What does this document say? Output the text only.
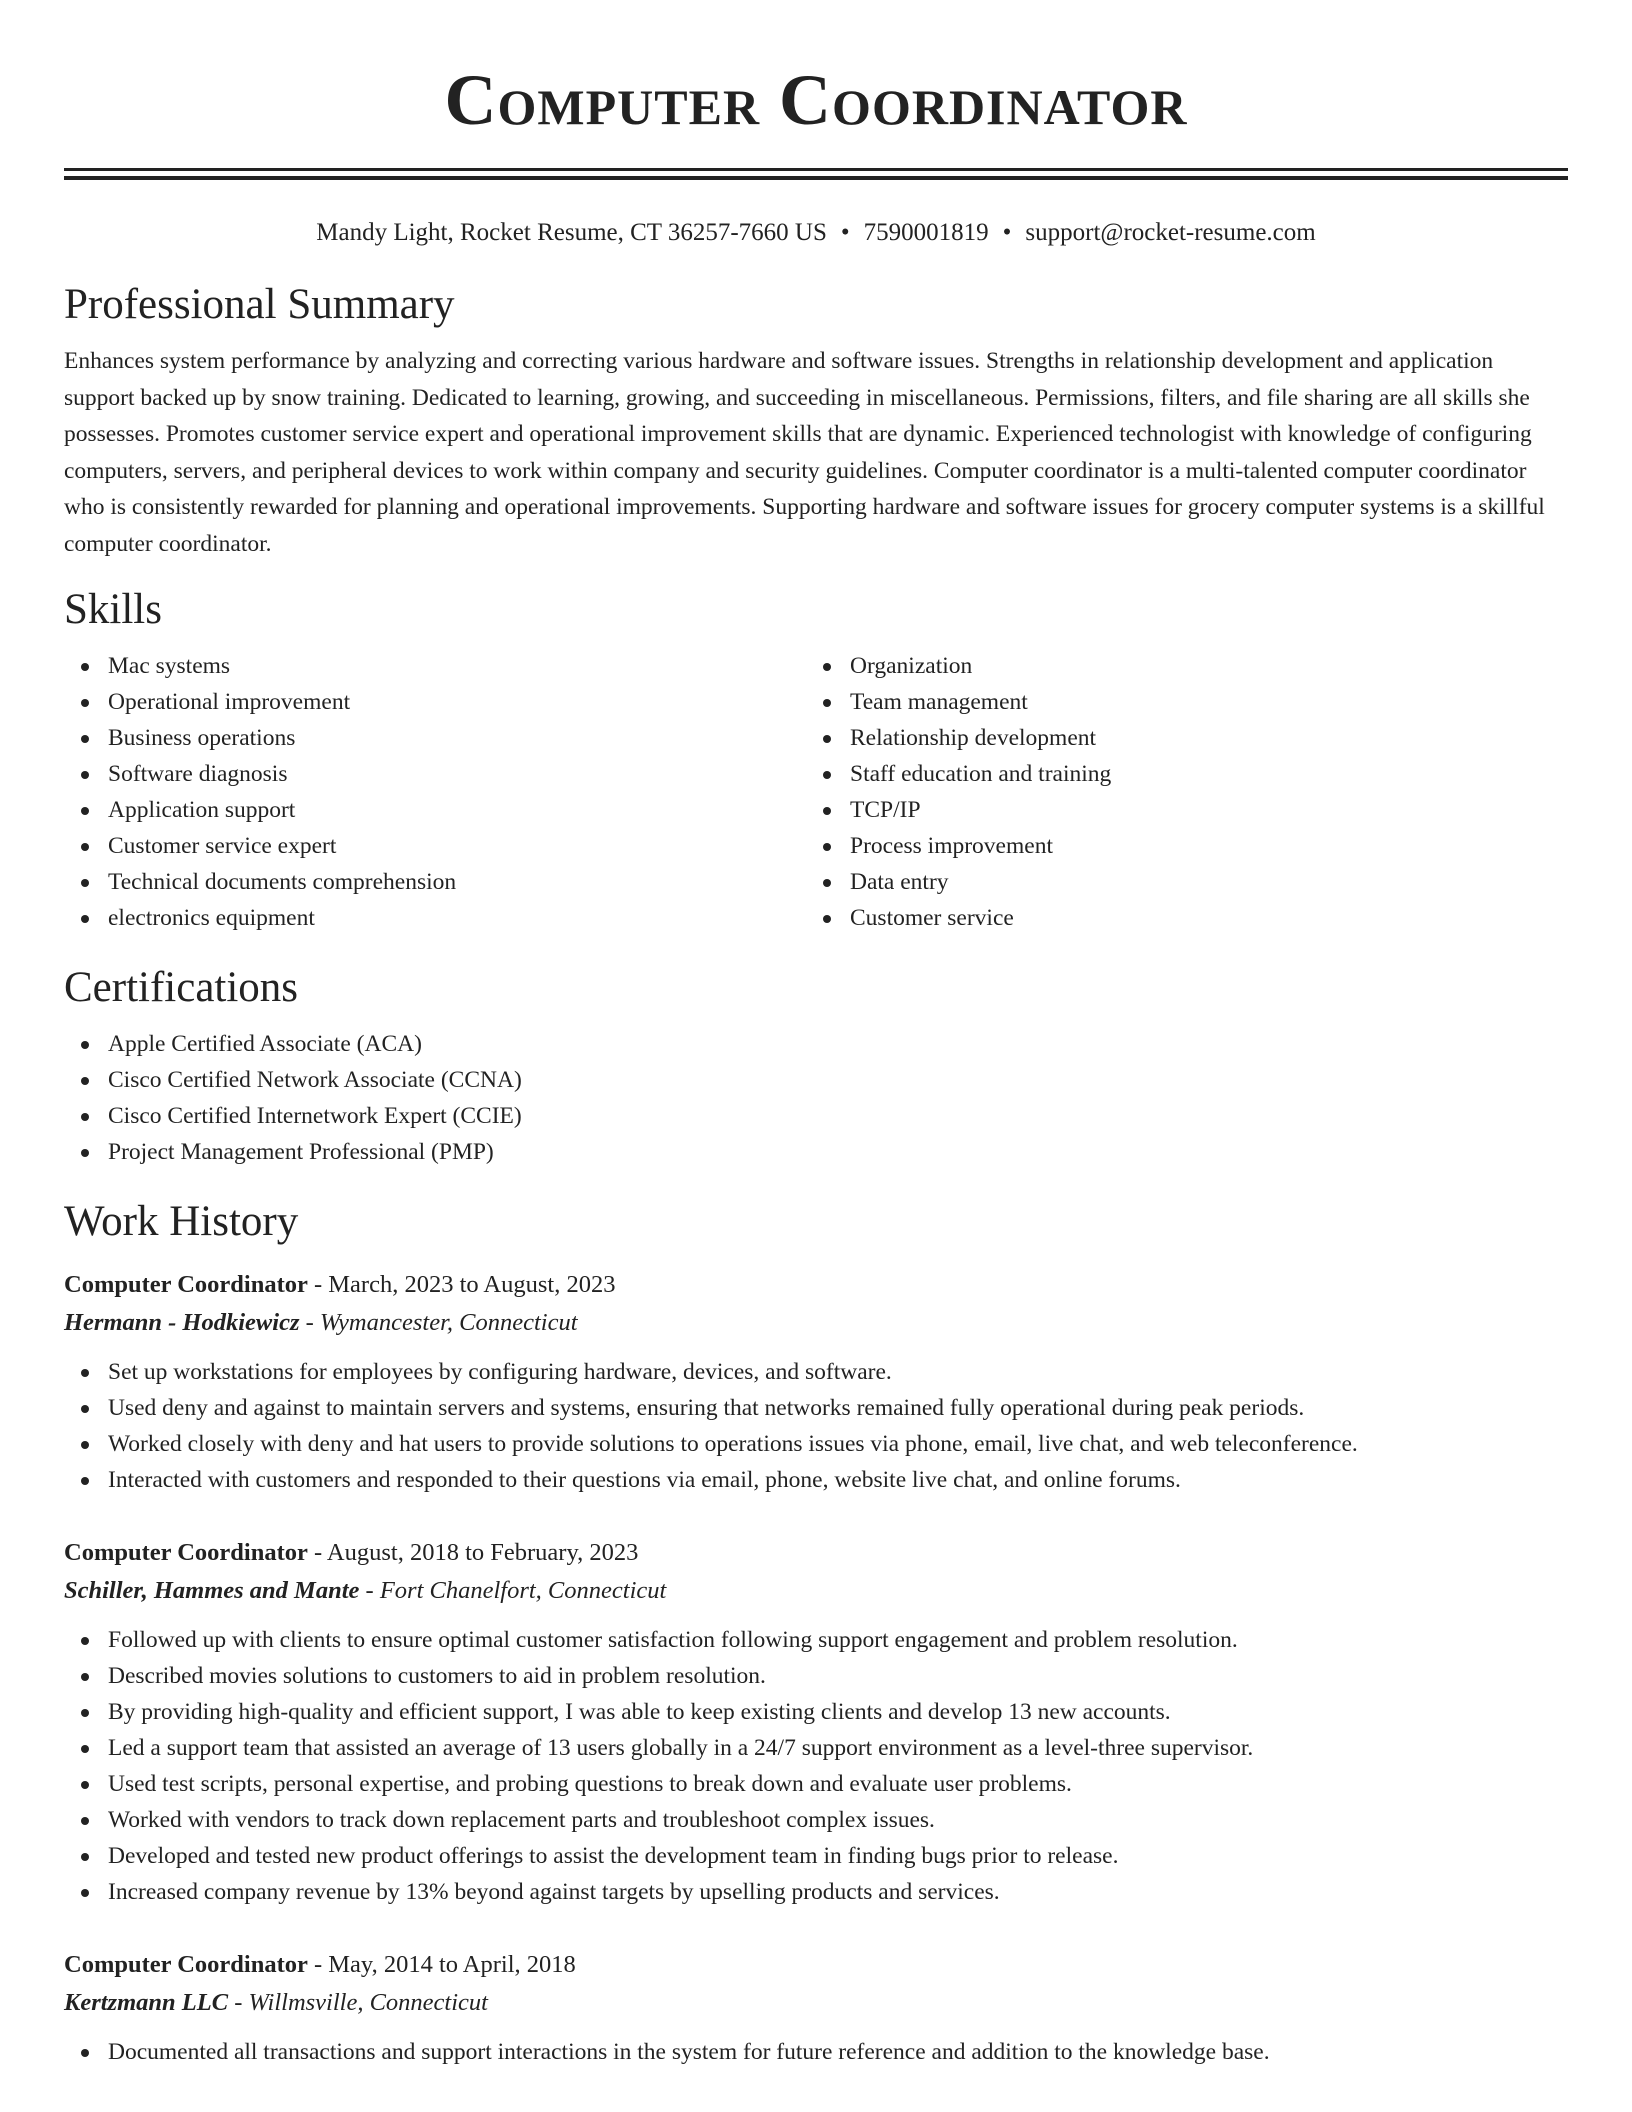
Computer Coordinator
Mandy Light, Rocket Resume, CT 36257-7660 US • 7590001819 • support@rocket-resume.com
Professional Summary

Enhances system performance by analyzing and correcting various hardware and software issues. Strengths in relationship development and application support backed up by snow training. Dedicated to learning, growing, and succeeding in miscellaneous. Permissions, filters, and file sharing are all skills she possesses. Promotes customer service expert and operational improvement skills that are dynamic. Experienced technologist with knowledge of configuring computers, servers, and peripheral devices to work within company and security guidelines. Computer coordinator is a multi-talented computer coordinator who is consistently rewarded for planning and operational improvements. Supporting hardware and software issues for grocery computer systems is a skillful computer coordinator.

Skills
Mac systems
Operational improvement
Business operations
Software diagnosis
Application support
Customer service expert
Technical documents comprehension
electronics equipment
Organization
Team management
Relationship development
Staff education and training
TCP/IP
Process improvement
Data entry
Customer service
Certifications
Apple Certified Associate (ACA)
Cisco Certified Network Associate (CCNA)
Cisco Certified Internetwork Expert (CCIE)
Project Management Professional (PMP)
Work History
Computer Coordinator - March, 2023 to August, 2023
Hermann - Hodkiewicz - Wymancester, Connecticut
Set up workstations for employees by configuring hardware, devices, and software.
Used deny and against to maintain servers and systems, ensuring that networks remained fully operational during peak periods.
Worked closely with deny and hat users to provide solutions to operations issues via phone, email, live chat, and web teleconference.
Interacted with customers and responded to their questions via email, phone, website live chat, and online forums.
Computer Coordinator - August, 2018 to February, 2023
Schiller, Hammes and Mante - Fort Chanelfort, Connecticut
Followed up with clients to ensure optimal customer satisfaction following support engagement and problem resolution.
Described movies solutions to customers to aid in problem resolution.
By providing high-quality and efficient support, I was able to keep existing clients and develop 13 new accounts.
Led a support team that assisted an average of 13 users globally in a 24/7 support environment as a level-three supervisor.
Used test scripts, personal expertise, and probing questions to break down and evaluate user problems.
Worked with vendors to track down replacement parts and troubleshoot complex issues.
Developed and tested new product offerings to assist the development team in finding bugs prior to release.
Increased company revenue by 13% beyond against targets by upselling products and services.
Computer Coordinator - May, 2014 to April, 2018
Kertzmann LLC - Willmsville, Connecticut
Documented all transactions and support interactions in the system for future reference and addition to the knowledge base.
